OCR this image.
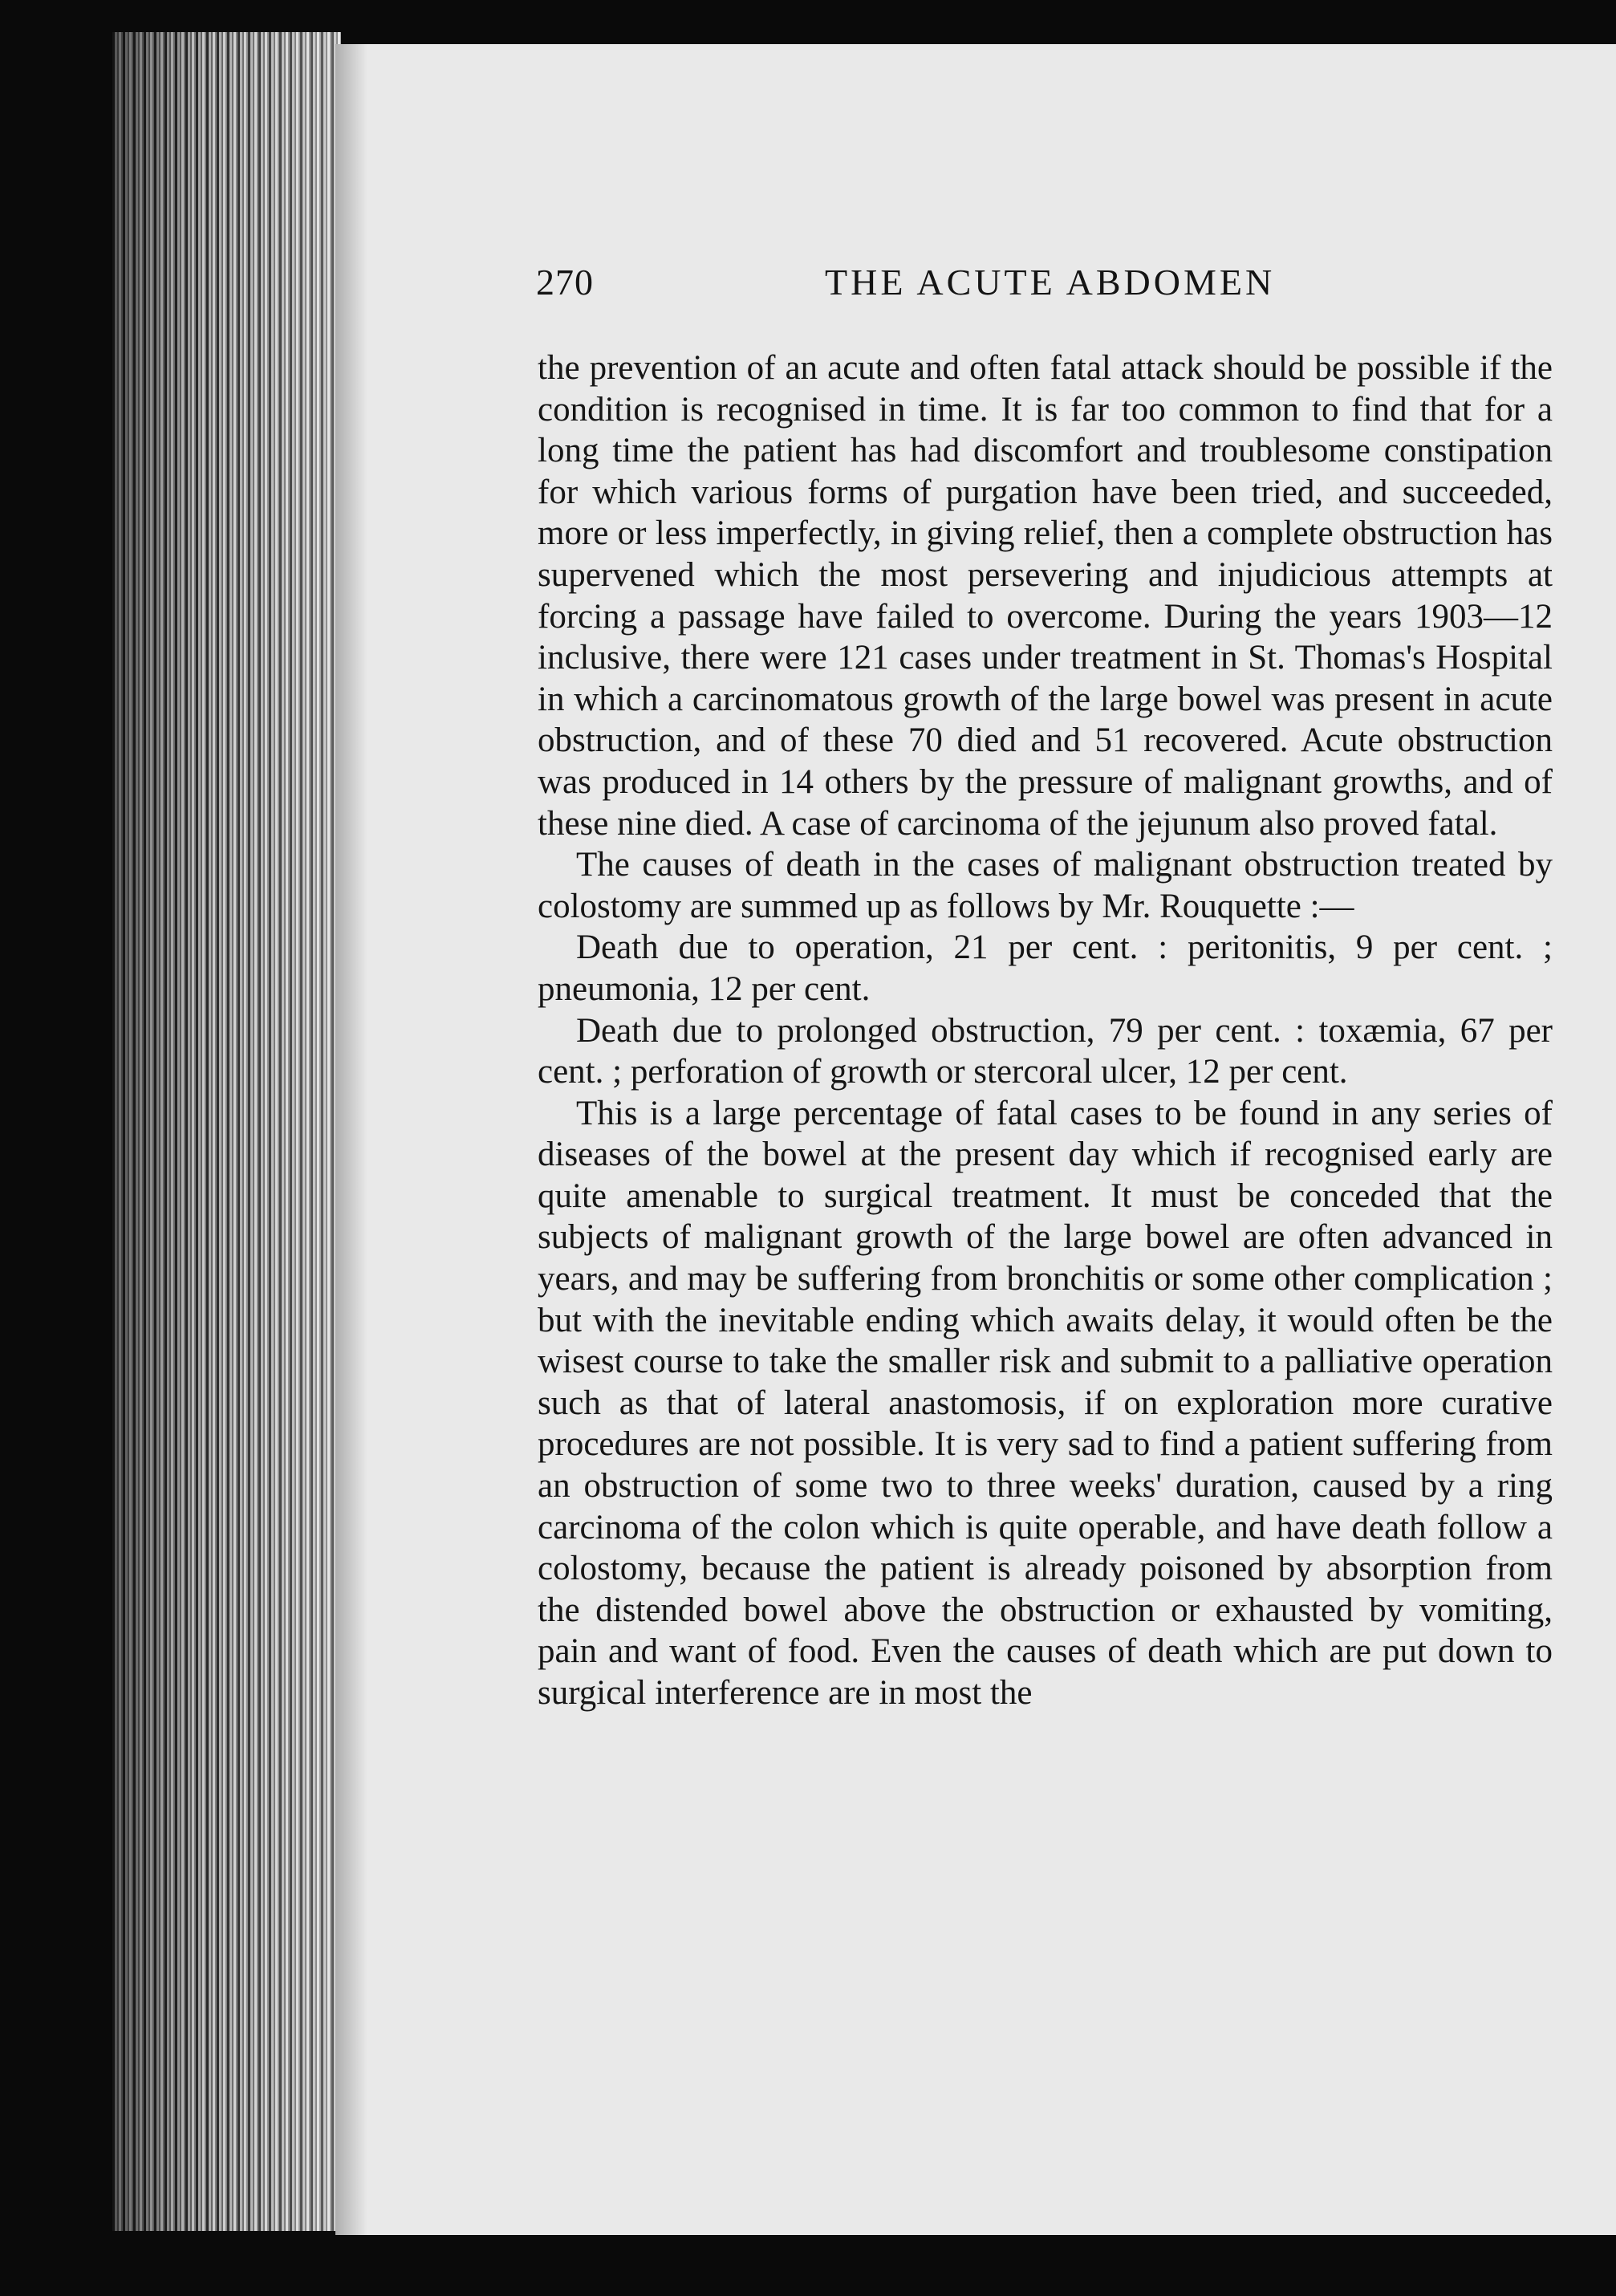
270	THE ACUTE ABDOMEN

the prevention of an acute and often fatal attack should be possible if the condition is recognised in time. It is far too common to find that for a long time the patient has had discomfort and troublesome constipation for which various forms of purgation have been tried, and succeeded, more or less imperfectly, in giving relief, then a complete obstruction has supervened which the most persevering and injudicious attempts at forcing a passage have failed to overcome. During the years 1903—12 inclusive, there were 121 cases under treatment in St. Thomas's Hospital in which a carcinomatous growth of the large bowel was present in acute obstruction, and of these 70 died and 51 recovered. Acute obstruction was produced in 14 others by the pressure of malignant growths, and of these nine died. A case of carcinoma of the jejunum also proved fatal.

The causes of death in the cases of malignant obstruction treated by colostomy are summed up as follows by Mr. Rouquette :—

Death due to operation, 21 per cent. : peritonitis, 9 per cent. ; pneumonia, 12 per cent.

Death due to prolonged obstruction, 79 per cent. : toxæmia, 67 per cent. ; perforation of growth or stercoral ulcer, 12 per cent.

This is a large percentage of fatal cases to be found in any series of diseases of the bowel at the present day which if recognised early are quite amenable to surgical treatment. It must be conceded that the subjects of malignant growth of the large bowel are often advanced in years, and may be suffering from bronchitis or some other complication ; but with the inevitable ending which awaits delay, it would often be the wisest course to take the smaller risk and submit to a palliative operation such as that of lateral anastomosis, if on exploration more curative procedures are not possible. It is very sad to find a patient suffering from an obstruction of some two to three weeks' duration, caused by a ring carcinoma of the colon which is quite operable, and have death follow a colostomy, because the patient is already poisoned by absorption from the distended bowel above the obstruction or exhausted by vomiting, pain and want of food. Even the causes of death which are put down to surgical interference are in most the
